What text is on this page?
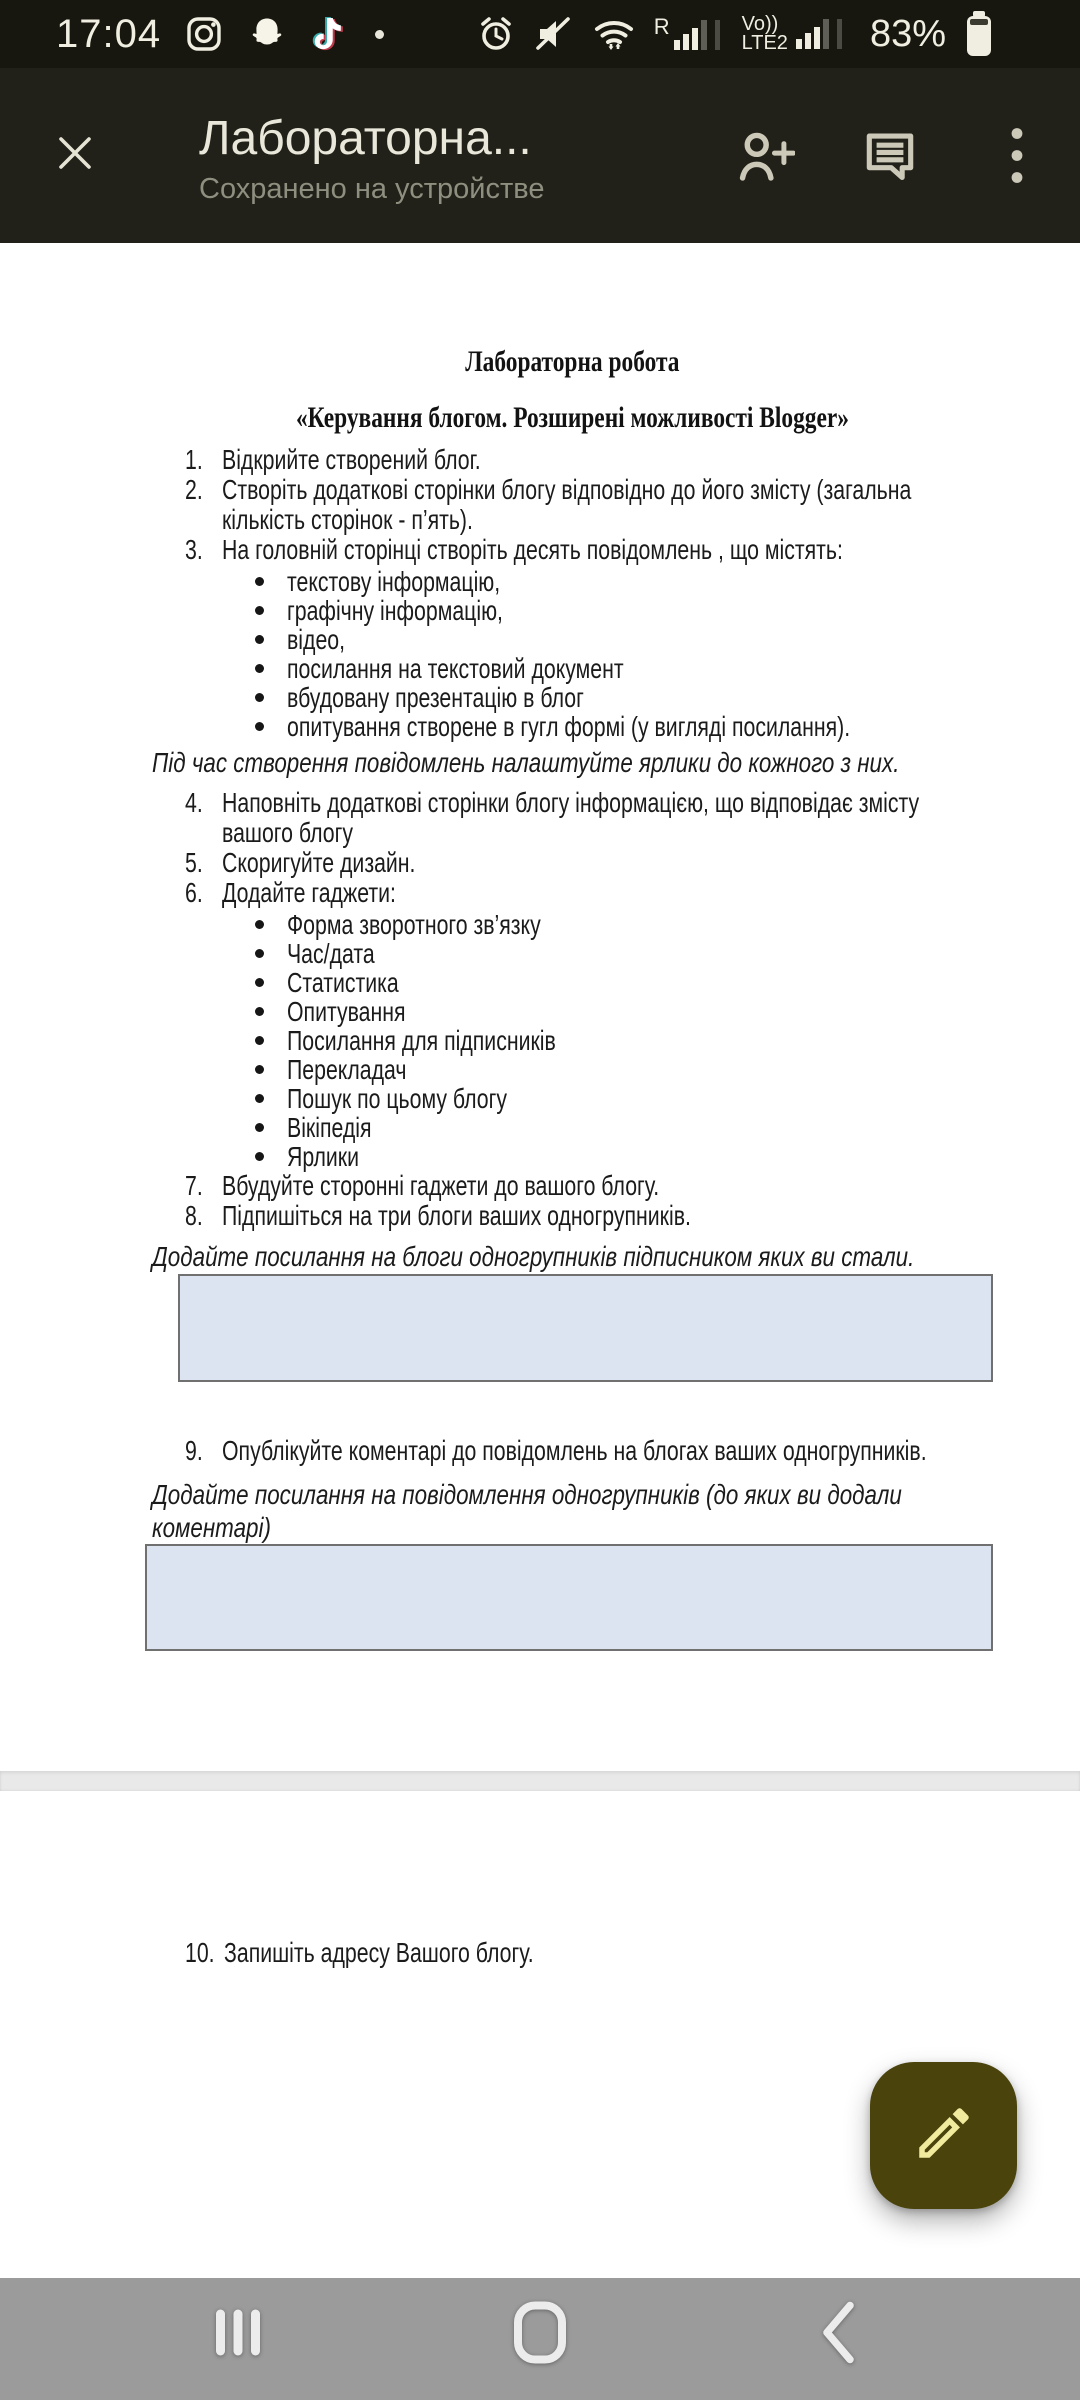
17:04	R	Vo))
LTE2 83%
Лабораторна...
Сохранено на устройстве
Лабораторна робота
«Керування блогом. Розширені можливості Blogger»
1. Відкрийте створений блог.
2. Створіть додаткові сторінки блогу відповідно до його змісту (загальна
кількість сторінок - п’ять).
3. На головній сторінці створіть десять повідомлень , що містять:
текстову інформацію,
графічну інформацію,
відео,
посилання на текстовий документ
вбудовану презентацію в блог
опитування створене в гугл формі (у вигляді посилання).

Під час створення повідомлень налаштуйте ярлики до кожного з них.

4. Наповніть додаткові сторінки блогу інформацією, що відповідає змісту
вашого блогу
5. Скоригуйте дизайн.
6. Додайте гаджети:
Форма зворотного зв’язку
Час/дата
Статистика
Опитування
Посилання для підписників
Перекладач
Пошук по цьому блогу
Вікіпедія
Ярлики
7. Вбудуйте сторонні гаджети до вашого блогу.
8. Підпишіться на три блоги ваших одногрупників.

Додайте посилання на блоги одногрупників підписником яких ви стали.

9. Опублікуйте коментарі до повідомлень на блогах ваших одногрупників.

Додайте посилання на повідомлення одногрупників (до яких ви додали
коментарі)

10. Запишіть адресу Вашого блогу.
